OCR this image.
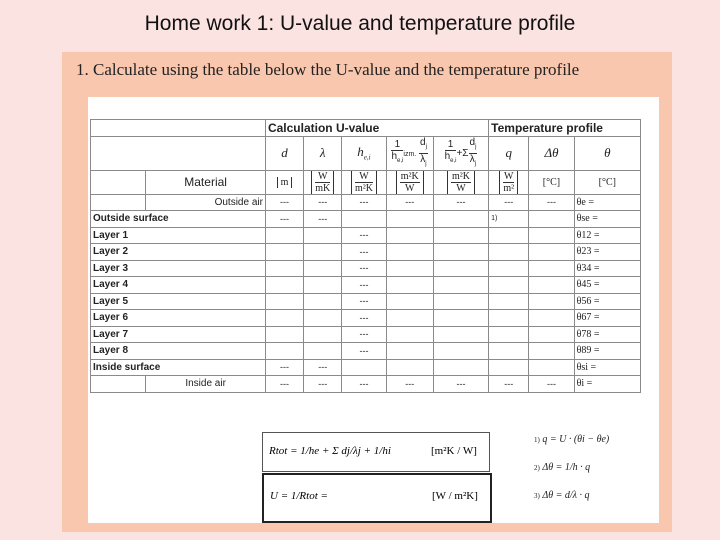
Home work 1: U-value and temperature profile
1. Calculate using the table below the U-value and the temperature profile
		Calculation U-value					Temperature profile		
		d	λ	$h_{e,i}$	$\frac{1}{h_{e,i}}$ izm. $\frac{d_j}{\lambda_j}$	$\frac{1}{h_{e,i}} +\Sigma \frac{d_j}{\lambda_j}$	q	Δθ	θ
	Material	m	$\frac{W}{mK}$	$\frac{W}{\text{m²K}}$	$\frac{\text{m²K}}{W}$	$\frac{\text{m²K}}{W}$	$\frac{W}{\text{m²}}$	[°C]	[°C]
	Outside air	---	---	---	---	---	---	---	θe =
Outside surface		---	---				1)		θse =
Layer 1				---					θ12 =
Layer 2				---					θ23 =
Layer 3				---					θ34 =
Layer 4				---					θ45 =
Layer 5				---					θ56 =
Layer 6				---					θ67 =
Layer 7				---					θ78 =
Layer 8				---					θ89 =
Inside surface		---	---						θsi =
	Inside air	---	---	---	---	---	---	---	θi =
Rtot = 1/he + Σ dj/λj + 1/hi	[m²K / W]
U = 1/Rtot =	[W / m²K]
1) q = U · (θi − θe)
2) Δθ = 1/h · q
3) Δθ = d/λ · q
